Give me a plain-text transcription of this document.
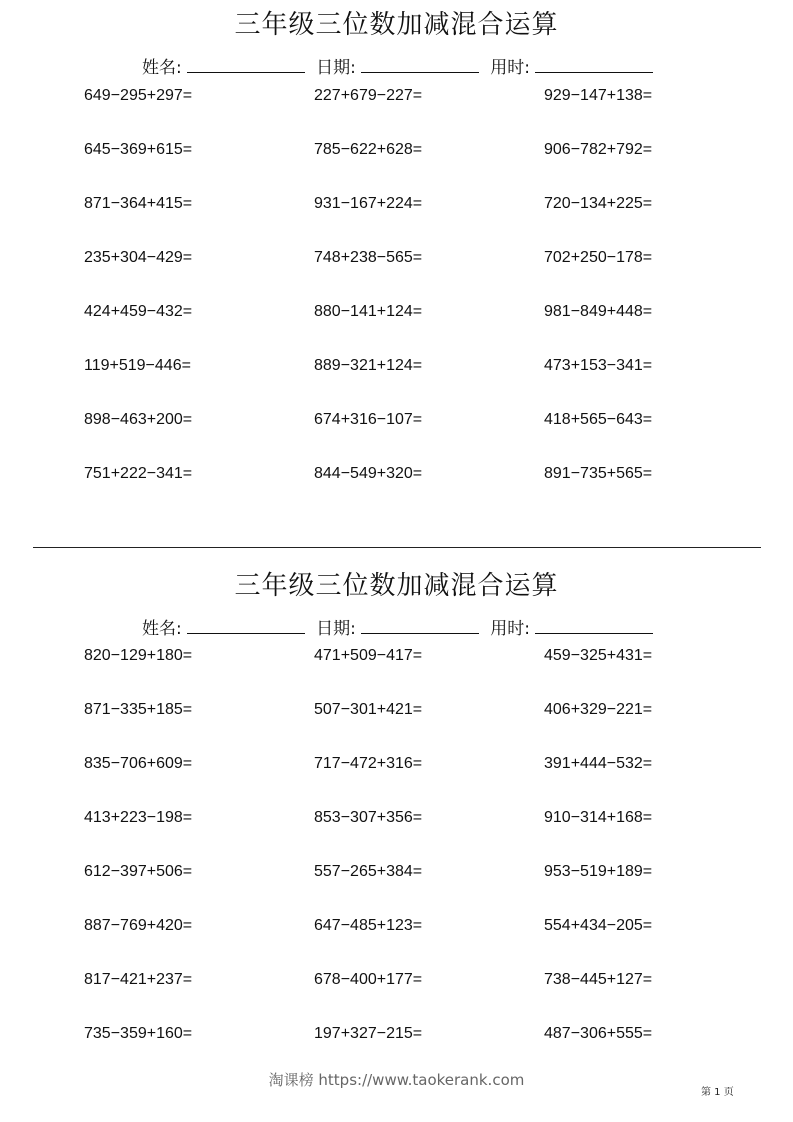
三年级三位数加减混合运算
姓名:	日期:	用时:
649−295+297=	227+679−227=	929−147+138=
645−369+615=	785−622+628=	906−782+792=
871−364+415=	931−167+224=	720−134+225=
235+304−429=	748+238−565=	702+250−178=
424+459−432=	880−141+124=	981−849+448=
119+519−446=	889−321+124=	473+153−341=
898−463+200=	674+316−107=	418+565−643=
751+222−341=	844−549+320=	891−735+565=
三年级三位数加减混合运算
姓名:	日期:	用时:
820−129+180=	471+509−417=	459−325+431=
871−335+185=	507−301+421=	406+329−221=
835−706+609=	717−472+316=	391+444−532=
413+223−198=	853−307+356=	910−314+168=
612−397+506=	557−265+384=	953−519+189=
887−769+420=	647−485+123=	554+434−205=
817−421+237=	678−400+177=	738−445+127=
735−359+160=	197+327−215=	487−306+555=
淘课榜 https://www.taokerank.com
第 1 页
